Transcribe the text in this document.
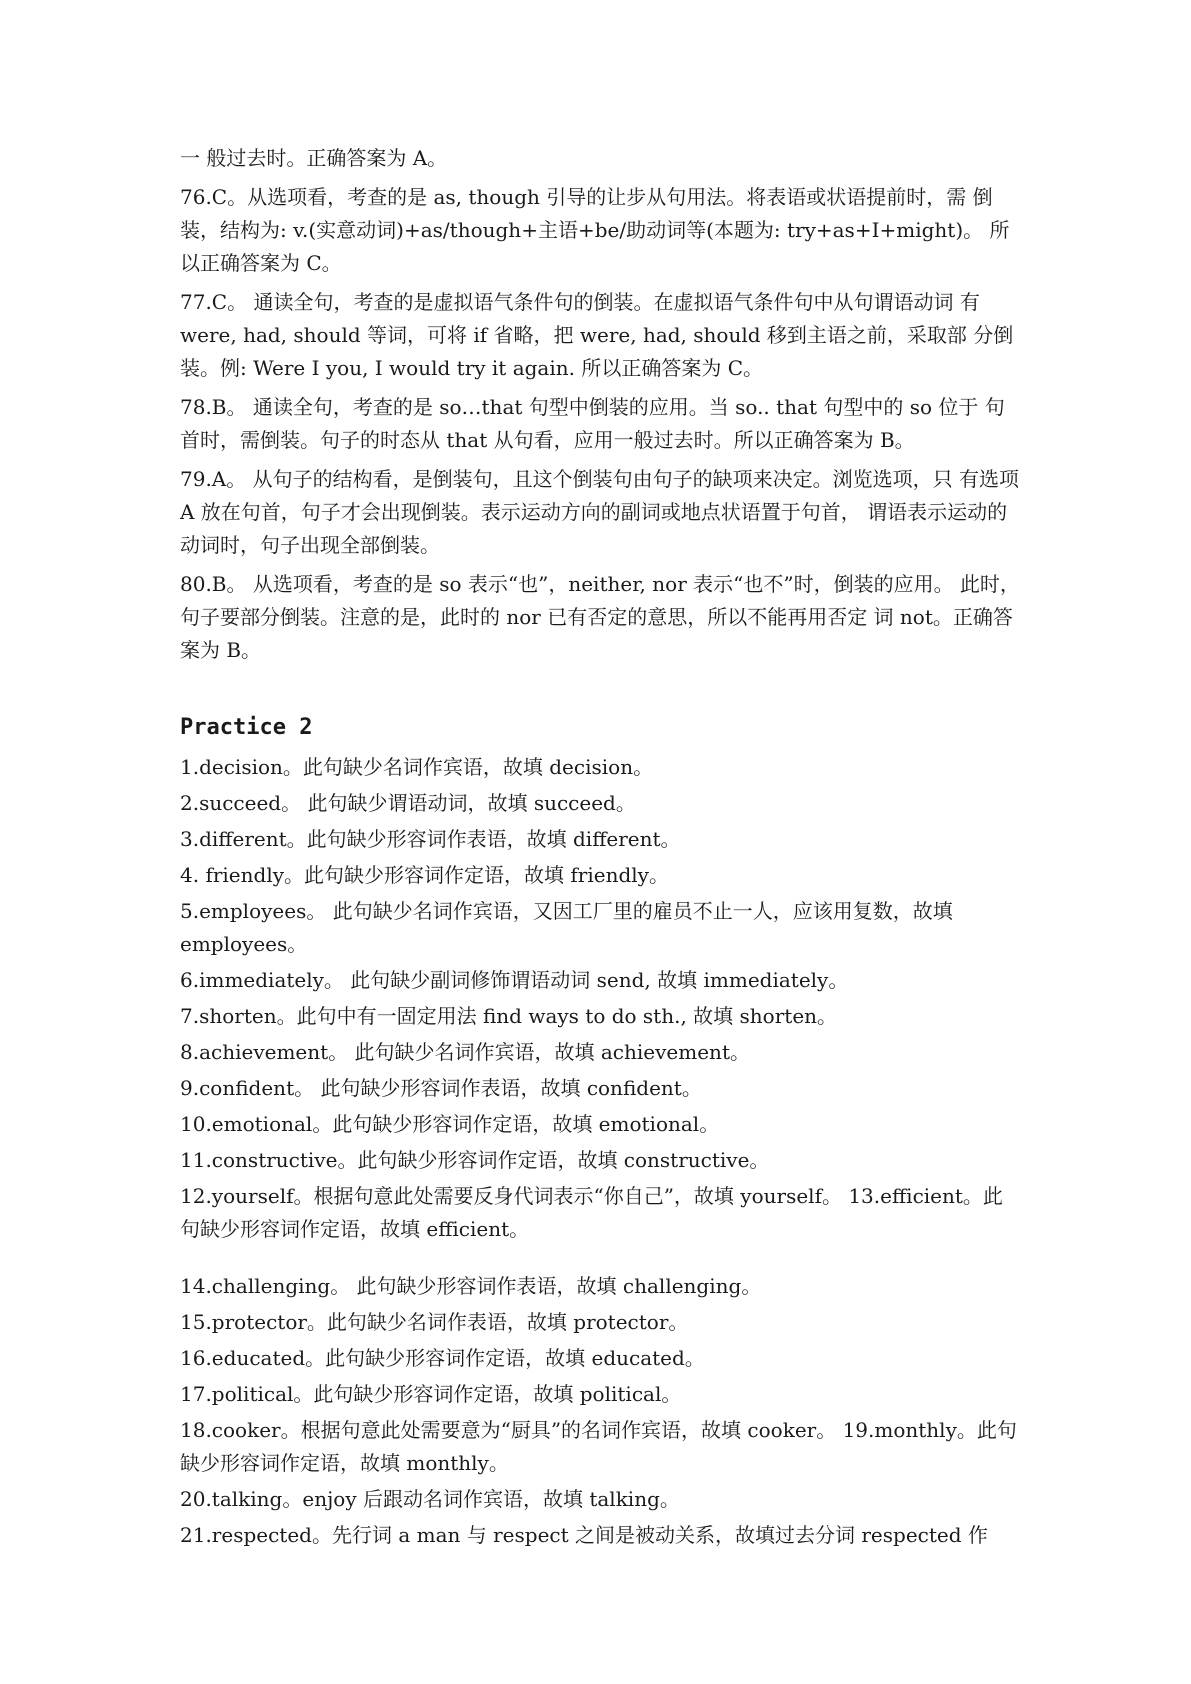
一 般过去时。正确答案为 A。

76.C。从选项看，考查的是 as, though 引导的让步从句用法。将表语或状语提前时，需 倒装，结构为: v.(实意动词)+as/though+主语+be/助动词等(本题为: try+as+I+might)。 所以正确答案为 C。

77.C。 通读全句，考查的是虚拟语气条件句的倒装。在虚拟语气条件句中从句谓语动词 有 were, had, should 等词，可将 if 省略，把 were, had, should 移到主语之前，采取部 分倒装。例: Were I you, I would try it again. 所以正确答案为 C。

78.B。 通读全句，考查的是 so…that 句型中倒装的应用。当 so.. that 句型中的 so 位于 句首时，需倒装。句子的时态从 that 从句看，应用一般过去时。所以正确答案为 B。

79.A。 从句子的结构看，是倒装句，且这个倒装句由句子的缺项来决定。浏览选项，只 有选项 A 放在句首，句子才会出现倒装。表示运动方向的副词或地点状语置于句首， 谓语表示运动的动词时，句子出现全部倒装。

80.B。 从选项看，考查的是 so 表示“也”，neither, nor 表示“也不”时，倒装的应用。 此时，句子要部分倒装。注意的是，此时的 nor 已有否定的意思，所以不能再用否定 词 not。正确答案为 B。

Practice 2

1.decision。此句缺少名词作宾语，故填 decision。

2.succeed。 此句缺少谓语动词，故填 succeed。

3.different。此句缺少形容词作表语，故填 different。

4. friendly。此句缺少形容词作定语，故填 friendly。

5.employees。 此句缺少名词作宾语，又因工厂里的雇员不止一人，应该用复数，故填 employees。

6.immediately。 此句缺少副词修饰谓语动词 send, 故填 immediately。

7.shorten。此句中有一固定用法 find ways to do sth., 故填 shorten。

8.achievement。 此句缺少名词作宾语，故填 achievement。

9.confident。 此句缺少形容词作表语，故填 confident。

10.emotional。此句缺少形容词作定语，故填 emotional。

11.constructive。此句缺少形容词作定语，故填 constructive。

12.yourself。根据句意此处需要反身代词表示“你自己”，故填 yourself。 13.efficient。此句缺少形容词作定语，故填 efficient。

14.challenging。 此句缺少形容词作表语，故填 challenging。

15.protector。此句缺少名词作表语，故填 protector。

16.educated。此句缺少形容词作定语，故填 educated。

17.political。此句缺少形容词作定语，故填 political。

18.cooker。根据句意此处需要意为“厨具”的名词作宾语，故填 cooker。 19.monthly。此句缺少形容词作定语，故填 monthly。

20.talking。enjoy 后跟动名词作宾语，故填 talking。

21.respected。先行词 a man 与 respect 之间是被动关系，故填过去分词 respected 作
